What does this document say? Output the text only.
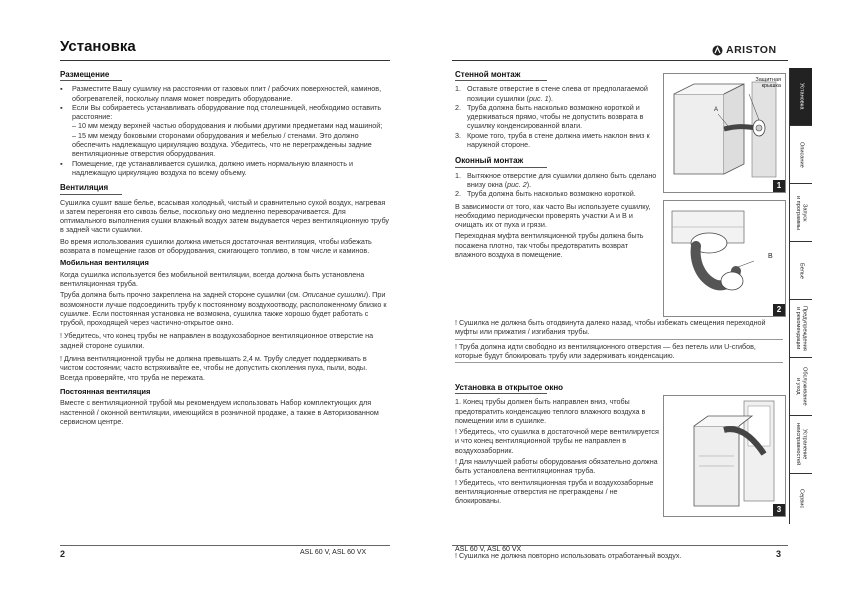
Установка
Размещение
▪ Разместите Вашу сушилку на расстоянии от газовых плит / рабочих поверхностей, каминов, обогревателей, поскольку пламя может повредить оборудование.
▪ Если Вы собираетесь устанавливать оборудование под столешницей, необходимо оставить расстояние:
– 10 мм между верхней частью оборудования и любыми другими предметами над машиной;
– 15 мм между боковыми сторонами оборудования и мебелью / стенами. Это должно обеспечить надлежащую циркуляцию воздуха. Убедитесь, что не перегражденыы задние вентиляционные отверстия оборудования.
▪ Помещение, где устанавливается сушилка, должно иметь нормальную влажность и надлежащую циркуляцию воздуха по всему объему.
Вентиляция

Сушилка сушит ваше белье, всасывая холодный, чистый и сравнительно сухой воздух, нагревая и затем перегоняя его сквозь белье, поскольку оно медленно переворачивается. Для оптимального выполнения сушки влажный воздух затем выдувается через вентиляционную трубу в задней части сушилки.

Во время использования сушилки должна иметься достаточная вентиляция, чтобы избежать возврата в помещение газов от оборудования, сжигающего топливо, в том числе и каминов.

Мобильная вентиляция

Когда сушилка используется без мобильной вентиляции, всегда должна быть установлена вентиляционная труба.

Труба должна быть прочно закреплена на задней стороне сушилки (см. Описание сушилки). При возможности лучше подсоединить трубу к постоянному воздухоотводу, расположенному близко к сушилке. Если постоянная установка не возможна, сушилка также хорошо будет работать с трубой, проходящей через частично-открытое окно.

! Убедитесь, что конец трубы не направлен в воздухозаборное вентиляционное отверстие на задней стороне сушилки.

! Длина вентиляционной трубы не должна превышать 2,4 м. Трубу следует поддерживать в чистом состоянии; часто встряхивайте ее, чтобы не допустить скопления пуха, пыли, воды. Всегда проверяйте, что труба не пережата.

Постоянная вентиляция

Вместе с вентиляционной трубой мы рекомендуем использовать Набор комплектующих для настенной / оконной вентиляции, имеющийся в розничной продаже, а также в Авторизованном сервисном центре.

2	ASL 60 V, ASL 60 VX
ARISTON
Стенной монтаж
1. Оставьте отверстие в стене слева от предполагаемой позиции сушилки (рис. 1).
2. Труба должна быть насколько возможно короткой и удерживаться прямо, чтобы не допустить возврата в сушилку конденсированной влаги.
3. Кроме того, труба в стене должна иметь наклон вниз к наружной стороне.
Оконный монтаж
1. Вытяжное отверстие для сушилки должно быть сделано внизу окна (рис. 2).
2. Труба должна быть насколько возможно короткой.

В зависимости от того, как часто Вы используете сушилку, необходимо периодически проверять участки A и B и очищать их от пуха и грязи.

Переходная муфта вентиляционной трубы должна быть посажена плотно, так чтобы предотвратить возврат влажного воздуха в помещение.

! Сушилка не должна быть отодвинута далеко назад, чтобы избежать смещения переходной муфты или прижатия / изгибания трубы.

! Труба должна идти свободно из вентиляционного отверстия — без петель или U-сгибов, которые будут блокировать трубу или задерживать конденсацию.

Установка в открытое окно

1. Конец трубы должен быть направлен вниз, чтобы предотвратить конденсацию теплого влажного воздуха в помещении или в сушилке.

! Убедитесь, что сушилка в достаточной мере вентилируется и что конец вентиляционной трубы не направлен в воздухозаборник.

! Для наилучшей работы оборудования обязательно должна быть установлена вентиляционная труба.

! Убедитесь, что вентиляционная труба и воздухозаборные вентиляционные отверстия не преграждены / не блокированы.

! Сушилка не должна повторно использовать отработанный воздух.
Защитная крышка
A
1
B
2
3
ASL 60 V, ASL 60 VX	3
Установка
Описание
Запуск
и программы
Белье
Предупреждения
и рекомендации
Обслуживание
и уход
Устранение
неисправностей
Сервис
